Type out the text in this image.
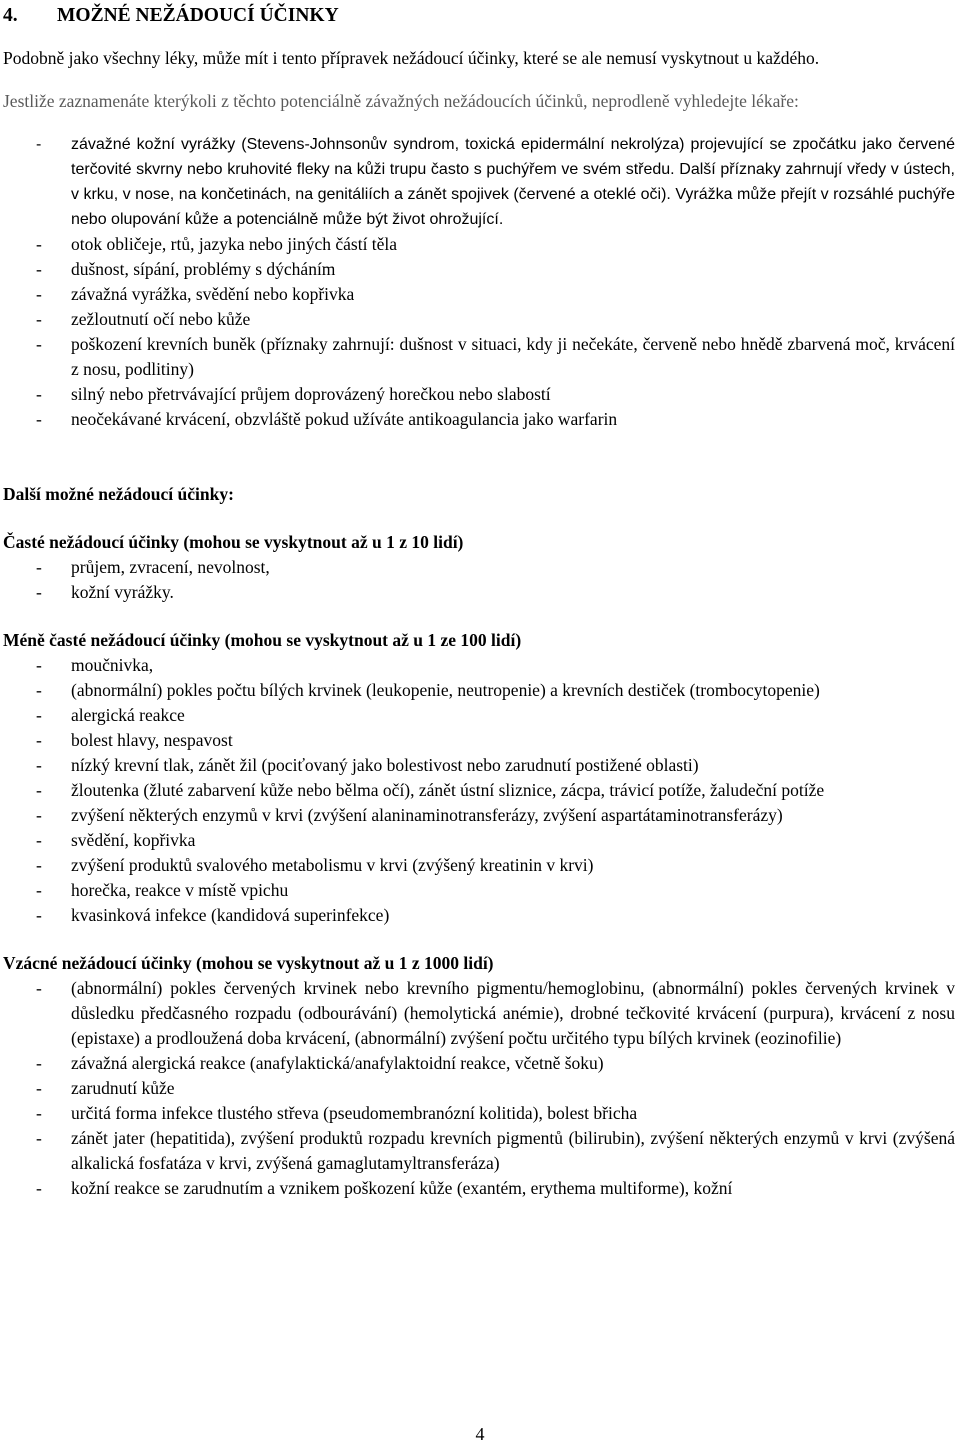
4. MOŽNÉ NEŽÁDOUCÍ ÚČINKY

Podobně jako všechny léky, může mít i tento přípravek nežádoucí účinky, které se ale nemusí vyskytnout u každého.

Jestliže zaznamenáte kterýkoli z těchto potenciálně závažných nežádoucích účinků, neprodleně vyhledejte lékaře:

- závažné kožní vyrážky (Stevens-Johnsonův syndrom, toxická epidermální nekrolýza) projevující se zpočátku jako červené terčovité skvrny nebo kruhovité fleky na kůži trupu často s puchýřem ve svém středu. Další příznaky zahrnují vředy v ústech, v krku, v nose, na končetinách, na genitáliích a zánět spojivek (červené a oteklé oči). Vyrážka může přejít v rozsáhlé puchýře nebo olupování kůže a potenciálně může být život ohrožující.
- otok obličeje, rtů, jazyka nebo jiných částí těla
- dušnost, sípání, problémy s dýcháním
- závažná vyrážka, svědění nebo kopřivka
- zežloutnutí očí nebo kůže
- poškození krevních buněk (příznaky zahrnují: dušnost v situaci, kdy ji nečekáte, červeně nebo hnědě zbarvená moč, krvácení z nosu, podlitiny)
- silný nebo přetrvávající průjem doprovázený horečkou nebo slabostí
- neočekávané krvácení, obzvláště pokud užíváte antikoagulancia jako warfarin
Další možné nežádoucí účinky:
Časté nežádoucí účinky (mohou se vyskytnout až u 1 z 10 lidí)
- průjem, zvracení, nevolnost,
- kožní vyrážky.
Méně časté nežádoucí účinky (mohou se vyskytnout až u 1 ze 100 lidí)
- moučnivka,
- (abnormální) pokles počtu bílých krvinek (leukopenie, neutropenie) a krevních destiček (trombocytopenie)
- alergická reakce
- bolest hlavy, nespavost
- nízký krevní tlak, zánět žil (pociťovaný jako bolestivost nebo zarudnutí postižené oblasti)
- žloutenka (žluté zabarvení kůže nebo bělma očí), zánět ústní sliznice, zácpa, trávicí potíže, žaludeční potíže
- zvýšení některých enzymů v krvi (zvýšení alaninaminotransferázy, zvýšení aspartátaminotransferázy)
- svědění, kopřivka
- zvýšení produktů svalového metabolismu v krvi (zvýšený kreatinin v krvi)
- horečka, reakce v místě vpichu
- kvasinková infekce (kandidová superinfekce)
Vzácné nežádoucí účinky (mohou se vyskytnout až u 1 z 1000 lidí)
- (abnormální) pokles červených krvinek nebo krevního pigmentu/hemoglobinu, (abnormální) pokles červených krvinek v důsledku předčasného rozpadu (odbourávání) (hemolytická anémie), drobné tečkovité krvácení (purpura), krvácení z nosu (epistaxe) a prodloužená doba krvácení, (abnormální) zvýšení počtu určitého typu bílých krvinek (eozinofilie)
- závažná alergická reakce (anafylaktická/anafylaktoidní reakce, včetně šoku)
- zarudnutí kůže
- určitá forma infekce tlustého střeva (pseudomembranózní kolitida), bolest břicha
- zánět jater (hepatitida), zvýšení produktů rozpadu krevních pigmentů (bilirubin), zvýšení některých enzymů v krvi (zvýšená alkalická fosfatáza v krvi, zvýšená gamaglutamyltransferáza)
- kožní reakce se zarudnutím a vznikem poškození kůže (exantém, erythema multiforme), kožní
4
